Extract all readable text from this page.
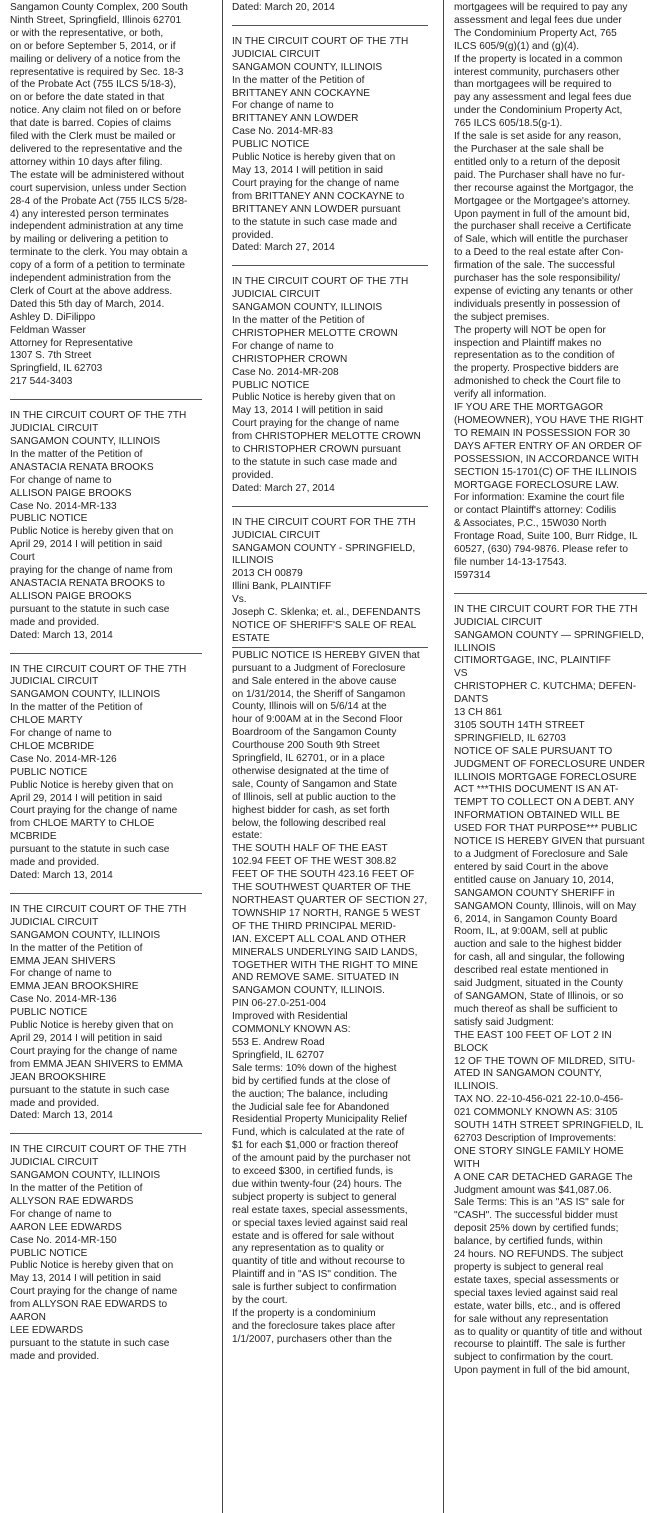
Sangamon County Complex, 200 South
Ninth Street, Springfield, Illinois 62701
or with the representative, or both,
on or before September 5, 2014, or if
mailing or delivery of a notice from the
representative is required by Sec. 18-3
of the Probate Act (755 ILCS 5/18-3),
on or before the date stated in that
notice. Any claim not filed on or before
that date is barred. Copies of claims
filed with the Clerk must be mailed or
delivered to the representative and the
attorney within 10 days after filing.
The estate will be administered without
court supervision, unless under Section
28-4 of the Probate Act (755 ILCS 5/28-
4) any interested person terminates
independent administration at any time
by mailing or delivering a petition to
terminate to the clerk. You may obtain a
copy of a form of a petition to terminate
independent administration from the
Clerk of Court at the above address.
Dated this 5th day of March, 2014.
Ashley D. DiFilippo
Feldman Wasser
Attorney for Representative
1307 S. 7th Street
Springfield, IL 62703
217 544-3403
IN THE CIRCUIT COURT OF THE 7TH
JUDICIAL CIRCUIT
SANGAMON COUNTY, ILLINOIS
In the matter of the Petition of
ANASTACIA RENATA BROOKS
For change of name to
ALLISON PAIGE BROOKS
Case No. 2014-MR-133
PUBLIC NOTICE
Public Notice is hereby given that on
April 29, 2014 I will petition in said
Court
praying for the change of name from
ANASTACIA RENATA BROOKS to
ALLISON PAIGE BROOKS
pursuant to the statute in such case
made and provided.
Dated: March 13, 2014
IN THE CIRCUIT COURT OF THE 7TH
JUDICIAL CIRCUIT
SANGAMON COUNTY, ILLINOIS
In the matter of the Petition of
CHLOE MARTY
For change of name to
CHLOE MCBRIDE
Case No. 2014-MR-126
PUBLIC NOTICE
Public Notice is hereby given that on
April 29, 2014 I will petition in said
Court praying for the change of name
from CHLOE MARTY to CHLOE MCBRIDE
pursuant to the statute in such case
made and provided.
Dated: March 13, 2014
IN THE CIRCUIT COURT OF THE 7TH
JUDICIAL CIRCUIT
SANGAMON COUNTY, ILLINOIS
In the matter of the Petition of
EMMA JEAN SHIVERS
For change of name to
EMMA JEAN BROOKSHIRE
Case No. 2014-MR-136
PUBLIC NOTICE
Public Notice is hereby given that on
April 29, 2014 I will petition in said
Court praying for the change of name
from EMMA JEAN SHIVERS to EMMA
JEAN BROOKSHIRE
pursuant to the statute in such case
made and provided.
Dated: March 13, 2014
IN THE CIRCUIT COURT OF THE 7TH
JUDICIAL CIRCUIT
SANGAMON COUNTY, ILLINOIS
In the matter of the Petition of
ALLYSON RAE EDWARDS
For change of name to
AARON LEE EDWARDS
Case No. 2014-MR-150
PUBLIC NOTICE
Public Notice is hereby given that on
May 13, 2014 I will petition in said
Court praying for the change of name
from ALLYSON RAE EDWARDS to AARON
LEE EDWARDS
pursuant to the statute in such case
made and provided.
Dated: March 20, 2014
IN THE CIRCUIT COURT OF THE 7TH
JUDICIAL CIRCUIT
SANGAMON COUNTY, ILLINOIS
In the matter of the Petition of
BRITTANEY ANN COCKAYNE
For change of name to
BRITTANEY ANN LOWDER
Case No. 2014-MR-83
PUBLIC NOTICE
Public Notice is hereby given that on
May 13, 2014 I will petition in said
Court praying for the change of name
from BRITTANEY ANN COCKAYNE to
BRITTANEY ANN LOWDER pursuant
to the statute in such case made and
provided.
Dated: March 27, 2014
IN THE CIRCUIT COURT OF THE 7TH
JUDICIAL CIRCUIT
SANGAMON COUNTY, ILLINOIS
In the matter of the Petition of
CHRISTOPHER MELOTTE CROWN
For change of name to
CHRISTOPHER CROWN
Case No. 2014-MR-208
PUBLIC NOTICE
Public Notice is hereby given that on
May 13, 2014 I will petition in said
Court praying for the change of name
from CHRISTOPHER MELOTTE CROWN
to CHRISTOPHER CROWN pursuant
to the statute in such case made and
provided.
Dated: March 27, 2014
IN THE CIRCUIT COURT FOR THE 7TH
JUDICIAL CIRCUIT
SANGAMON COUNTY - SPRINGFIELD,
ILLINOIS
2013 CH 00879
Illini Bank, PLAINTIFF
Vs.
Joseph C. Sklenka; et. al., DEFENDANTS
NOTICE OF SHERIFF'S SALE OF REAL
ESTATE
PUBLIC NOTICE IS HEREBY GIVEN that
pursuant to a Judgment of Foreclosure
and Sale entered in the above cause
on 1/31/2014, the Sheriff of Sangamon
County, Illinois will on 5/6/14 at the
hour of 9:00AM at in the Second Floor
Boardroom of the Sangamon County
Courthouse 200 South 9th Street
Springfield, IL 62701, or in a place
otherwise designated at the time of
sale, County of Sangamon and State
of Illinois, sell at public auction to the
highest bidder for cash, as set forth
below, the following described real
estate:
THE SOUTH HALF OF THE EAST
102.94 FEET OF THE WEST 308.82
FEET OF THE SOUTH 423.16 FEET OF
THE SOUTHWEST QUARTER OF THE
NORTHEAST QUARTER OF SECTION 27,
TOWNSHIP 17 NORTH, RANGE 5 WEST
OF THE THIRD PRINCIPAL MERID-
IAN. EXCEPT ALL COAL AND OTHER
MINERALS UNDERLYING SAID LANDS,
TOGETHER WITH THE RIGHT TO MINE
AND REMOVE SAME. SITUATED IN
SANGAMON COUNTY, ILLINOIS.
PIN 06-27.0-251-004
Improved with Residential
COMMONLY KNOWN AS:
553 E. Andrew Road
Springfield, IL 62707
Sale terms: 10% down of the highest
bid by certified funds at the close of
the auction; The balance, including
the Judicial sale fee for Abandoned
Residential Property Municipality Relief
Fund, which is calculated at the rate of
$1 for each $1,000 or fraction thereof
of the amount paid by the purchaser not
to exceed $300, in certified funds, is
due within twenty-four (24) hours. The
subject property is subject to general
real estate taxes, special assessments,
or special taxes levied against said real
estate and is offered for sale without
any representation as to quality or
quantity of title and without recourse to
Plaintiff and in "AS IS" condition. The
sale is further subject to confirmation
by the court.
If the property is a condominium
and the foreclosure takes place after
1/1/2007, purchasers other than the
mortgagees will be required to pay any
assessment and legal fees due under
The Condominium Property Act, 765
ILCS 605/9(g)(1) and (g)(4).
If the property is located in a common
interest community, purchasers other
than mortgagees will be required to
pay any assessment and legal fees due
under the Condominium Property Act,
765 ILCS 605/18.5(g-1).
If the sale is set aside for any reason,
the Purchaser at the sale shall be
entitled only to a return of the deposit
paid. The Purchaser shall have no fur-
ther recourse against the Mortgagor, the
Mortgagee or the Mortgagee's attorney.
Upon payment in full of the amount bid,
the purchaser shall receive a Certificate
of Sale, which will entitle the purchaser
to a Deed to the real estate after Con-
firmation of the sale. The successful
purchaser has the sole responsibility/
expense of evicting any tenants or other
individuals presently in possession of
the subject premises.
The property will NOT be open for
inspection and Plaintiff makes no
representation as to the condition of
the property. Prospective bidders are
admonished to check the Court file to
verify all information.
IF YOU ARE THE MORTGAGOR
(HOMEOWNER), YOU HAVE THE RIGHT
TO REMAIN IN POSSESSION FOR 30
DAYS AFTER ENTRY OF AN ORDER OF
POSSESSION, IN ACCORDANCE WITH
SECTION 15-1701(C) OF THE ILLINOIS
MORTGAGE FORECLOSURE LAW.
For information: Examine the court file
or contact Plaintiff's attorney: Codilis
& Associates, P.C., 15W030 North
Frontage Road, Suite 100, Burr Ridge, IL
60527, (630) 794-9876. Please refer to
file number 14-13-17543.
I597314
IN THE CIRCUIT COURT FOR THE 7TH
JUDICIAL CIRCUIT
SANGAMON COUNTY — SPRINGFIELD,
ILLINOIS
CITIMORTGAGE, INC, PLAINTIFF
VS
CHRISTOPHER C. KUTCHMA; DEFEN-
DANTS
13 CH 861
3105 SOUTH 14TH STREET
SPRINGFIELD, IL 62703
NOTICE OF SALE PURSUANT TO
JUDGMENT OF FORECLOSURE UNDER
ILLINOIS MORTGAGE FORECLOSURE
ACT ***THIS DOCUMENT IS AN AT-
TEMPT TO COLLECT ON A DEBT. ANY
INFORMATION OBTAINED WILL BE
USED FOR THAT PURPOSE*** PUBLIC
NOTICE IS HEREBY GIVEN that pursuant
to a Judgment of Foreclosure and Sale
entered by said Court in the above
entitled cause on January 10, 2014,
SANGAMON COUNTY SHERIFF in
SANGAMON County, Illinois, will on May
6, 2014, in Sangamon County Board
Room, IL, at 9:00AM, sell at public
auction and sale to the highest bidder
for cash, all and singular, the following
described real estate mentioned in
said Judgment, situated in the County
of SANGAMON, State of Illinois, or so
much thereof as shall be sufficient to
satisfy said Judgment:
THE EAST 100 FEET OF LOT 2 IN BLOCK
12 OF THE TOWN OF MILDRED, SITU-
ATED IN SANGAMON COUNTY, ILLINOIS.
TAX NO. 22-10-456-021 22-10.0-456-
021 COMMONLY KNOWN AS: 3105
SOUTH 14TH STREET SPRINGFIELD, IL
62703 Description of Improvements:
ONE STORY SINGLE FAMILY HOME WITH
A ONE CAR DETACHED GARAGE The
Judgment amount was $41,087.06.
Sale Terms: This is an "AS IS" sale for
"CASH". The successful bidder must
deposit 25% down by certified funds;
balance, by certified funds, within
24 hours. NO REFUNDS. The subject
property is subject to general real
estate taxes, special assessments or
special taxes levied against said real
estate, water bills, etc., and is offered
for sale without any representation
as to quality or quantity of title and without
recourse to plaintiff. The sale is further
subject to confirmation by the court.
Upon payment in full of the bid amount,
